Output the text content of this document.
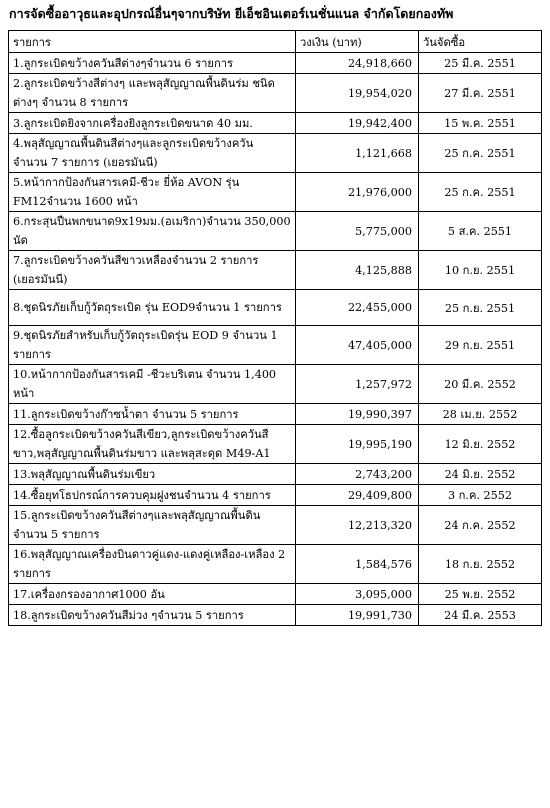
การจัดซื้ออาวุธและอุปกรณ์อื่นๆจากบริษัท ยีเอ็ชอินเตอร์เนชั่นแนล จำกัดโดยกองทัพ
รายการ	วงเงิน (บาท)	วันจัดซื้อ
1.ลูกระเบิดขว้างควันสีต่างๆจำนวน 6 รายการ	24,918,660	25 มี.ค. 2551
2.ลูกระเบิดขว้างสีต่างๆ และพลุสัญญาณพื้นดินร่ม ชนิดต่างๆ จำนวน 8 รายการ	19,954,020	27 มี.ค. 2551
3.ลูกระเบิดยิงจากเครื่องยิงลูกระเบิดขนาด 40 มม.	19,942,400	15 พ.ค. 2551
4.พลุสัญญาณพื้นดินสีต่างๆและลูกระเบิดขว้างควัน จำนวน 7 รายการ (เยอรมันนี)	1,121,668	25 ก.ค. 2551
5.หน้ากากป้องกันสารเคมี-ชีวะ ยี่ห้อ AVON รุ่น FM12จำนวน 1600 หน้า	21,976,000	25 ก.ค. 2551
6.กระสุนปืนพกขนาด9x19มม.(อเมริกา)จำนวน 350,000 นัด	5,775,000	5 ส.ค. 2551
7.ลูกระเบิดขว้างควันสีขาวเหลืองจำนวน 2 รายการ (เยอรมันนี)	4,125,888	10 ก.ย. 2551
8.ชุดนิรภัยเก็บกู้วัตถุระเบิด รุ่น EOD9จำนวน 1 รายการ	22,455,000	25 ก.ย. 2551
9.ชุดนิรภัยสำหรับเก็บกู้วัตถุระเบิดรุ่น EOD 9 จำนวน 1 รายการ	47,405,000	29 ก.ย. 2551
10.หน้ากากป้องกันสารเคมี -ชีวะบริเตน จำนวน 1,400 หน้า	1,257,972	20 มี.ค. 2552
11.ลูกระเบิดขว้างก๊าซน้ำตา จำนวน 5 รายการ	19,990,397	28 เม.ย. 2552
12.ซื้อลูกระเบิดขว้างควันสีเขียว,ลูกระเบิดขว้างควันสีขาว,พลุสัญญาณพื้นดินร่มขาว และพลุสะดุด M49-A1	19,995,190	12 มิ.ย. 2552
13.พลุสัญญาณพื้นดินร่มเขียว	2,743,200	24 มิ.ย. 2552
14.ซื้อยุทโธปกรณ์การควบคุมฝูงชนจำนวน 4 รายการ	29,409,800	3 ก.ค. 2552
15.ลูกระเบิดขว้างควันสีต่างๆและพลุสัญญาณพื้นดิน จำนวน 5 รายการ	12,213,320	24 ก.ค. 2552
16.พลุสัญญาณเครื่องบินดาวคู่แดง-แดงคู่เหลือง-เหลือง 2 รายการ	1,584,576	18 ก.ย. 2552
17.เครื่องกรองอากาศ1000 อัน	3,095,000	25 พ.ย. 2552
18.ลูกระเบิดขว้างควันสีม่วง ๆจำนวน 5 รายการ	19,991,730	24 มี.ค. 2553
